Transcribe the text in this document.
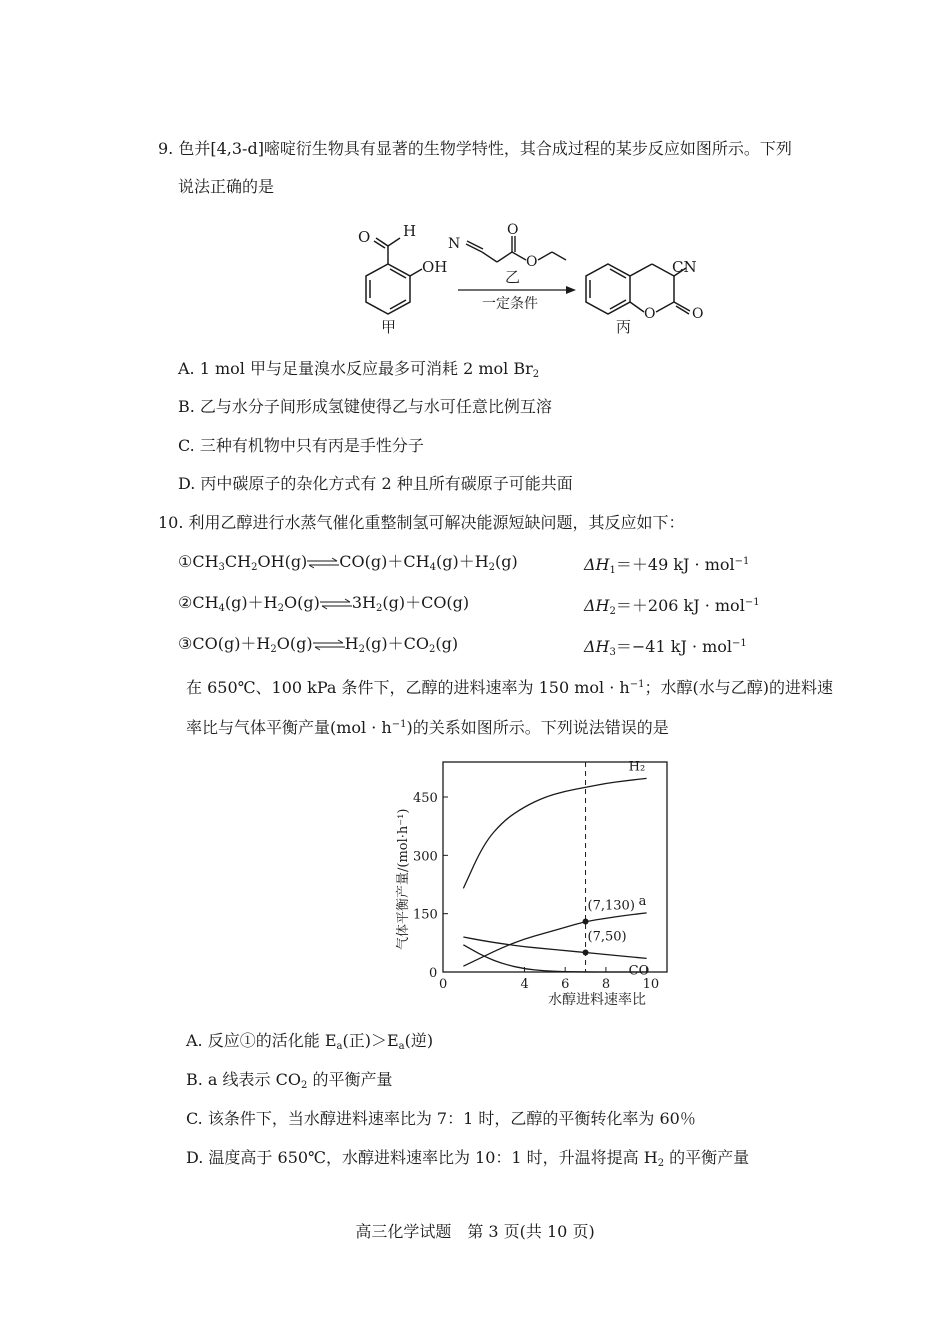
9. 色并[4,3-d]嘧啶衍生物具有显著的生物学特性，其合成过程的某步反应如图所示。下列
说法正确的是
O H
OH
甲
N
O
O
乙
一定条件
CN
O	O
丙
A. 1 mol 甲与足量溴水反应最多可消耗 2 mol $Br_2$
B. 乙与水分子间形成氢键使得乙与水可任意比例互溶
C. 三种有机物中只有丙是手性分子
D. 丙中碳原子的杂化方式有 2 种且所有碳原子可能共面
10. 利用乙醇进行水蒸气催化重整制氢可解决能源短缺问题，其反应如下：
$①CH_3CH_2OH(g)\rightleftharpoons CO(g)+CH_4(g)+H_2(g)$	$\Delta H_1=+49$ kJ · mol$^{-1}$
$②CH_4(g)+H_2O(g)\rightleftharpoons 3H_2(g)+CO(g)$	$\Delta H_2=+206$ kJ · mol$^{-1}$
$③CO(g)+H_2O(g)\rightleftharpoons H_2(g)+CO_2(g)$	$\Delta H_3=-41$ kJ · mol$^{-1}$
在 650℃、100 kPa 条件下，乙醇的进料速率为 150 mol · $h^{-1}$；水醇(水与乙醇)的进料速
率比与气体平衡产量$(mol \cdot h^{-1})$的关系如图所示。下列说法错误的是
0	4 6 8 10
0
150
300
450
H₂
a
CO
(7,130)
(7,50)
气体平衡产量/(mol·h⁻¹)
水醇进料速率比
A. 反应①的活化能 $E_a$(正)$>E_a$(逆)
B. a 线表示 $CO_2$ 的平衡产量
C. 该条件下，当水醇进料速率比为 7：1 时，乙醇的平衡转化率为 60％
D. 温度高于 650℃，水醇进料速率比为 10：1 时，升温将提高 $H_2$ 的平衡产量
高三化学试题　第 3 页(共 10 页)
